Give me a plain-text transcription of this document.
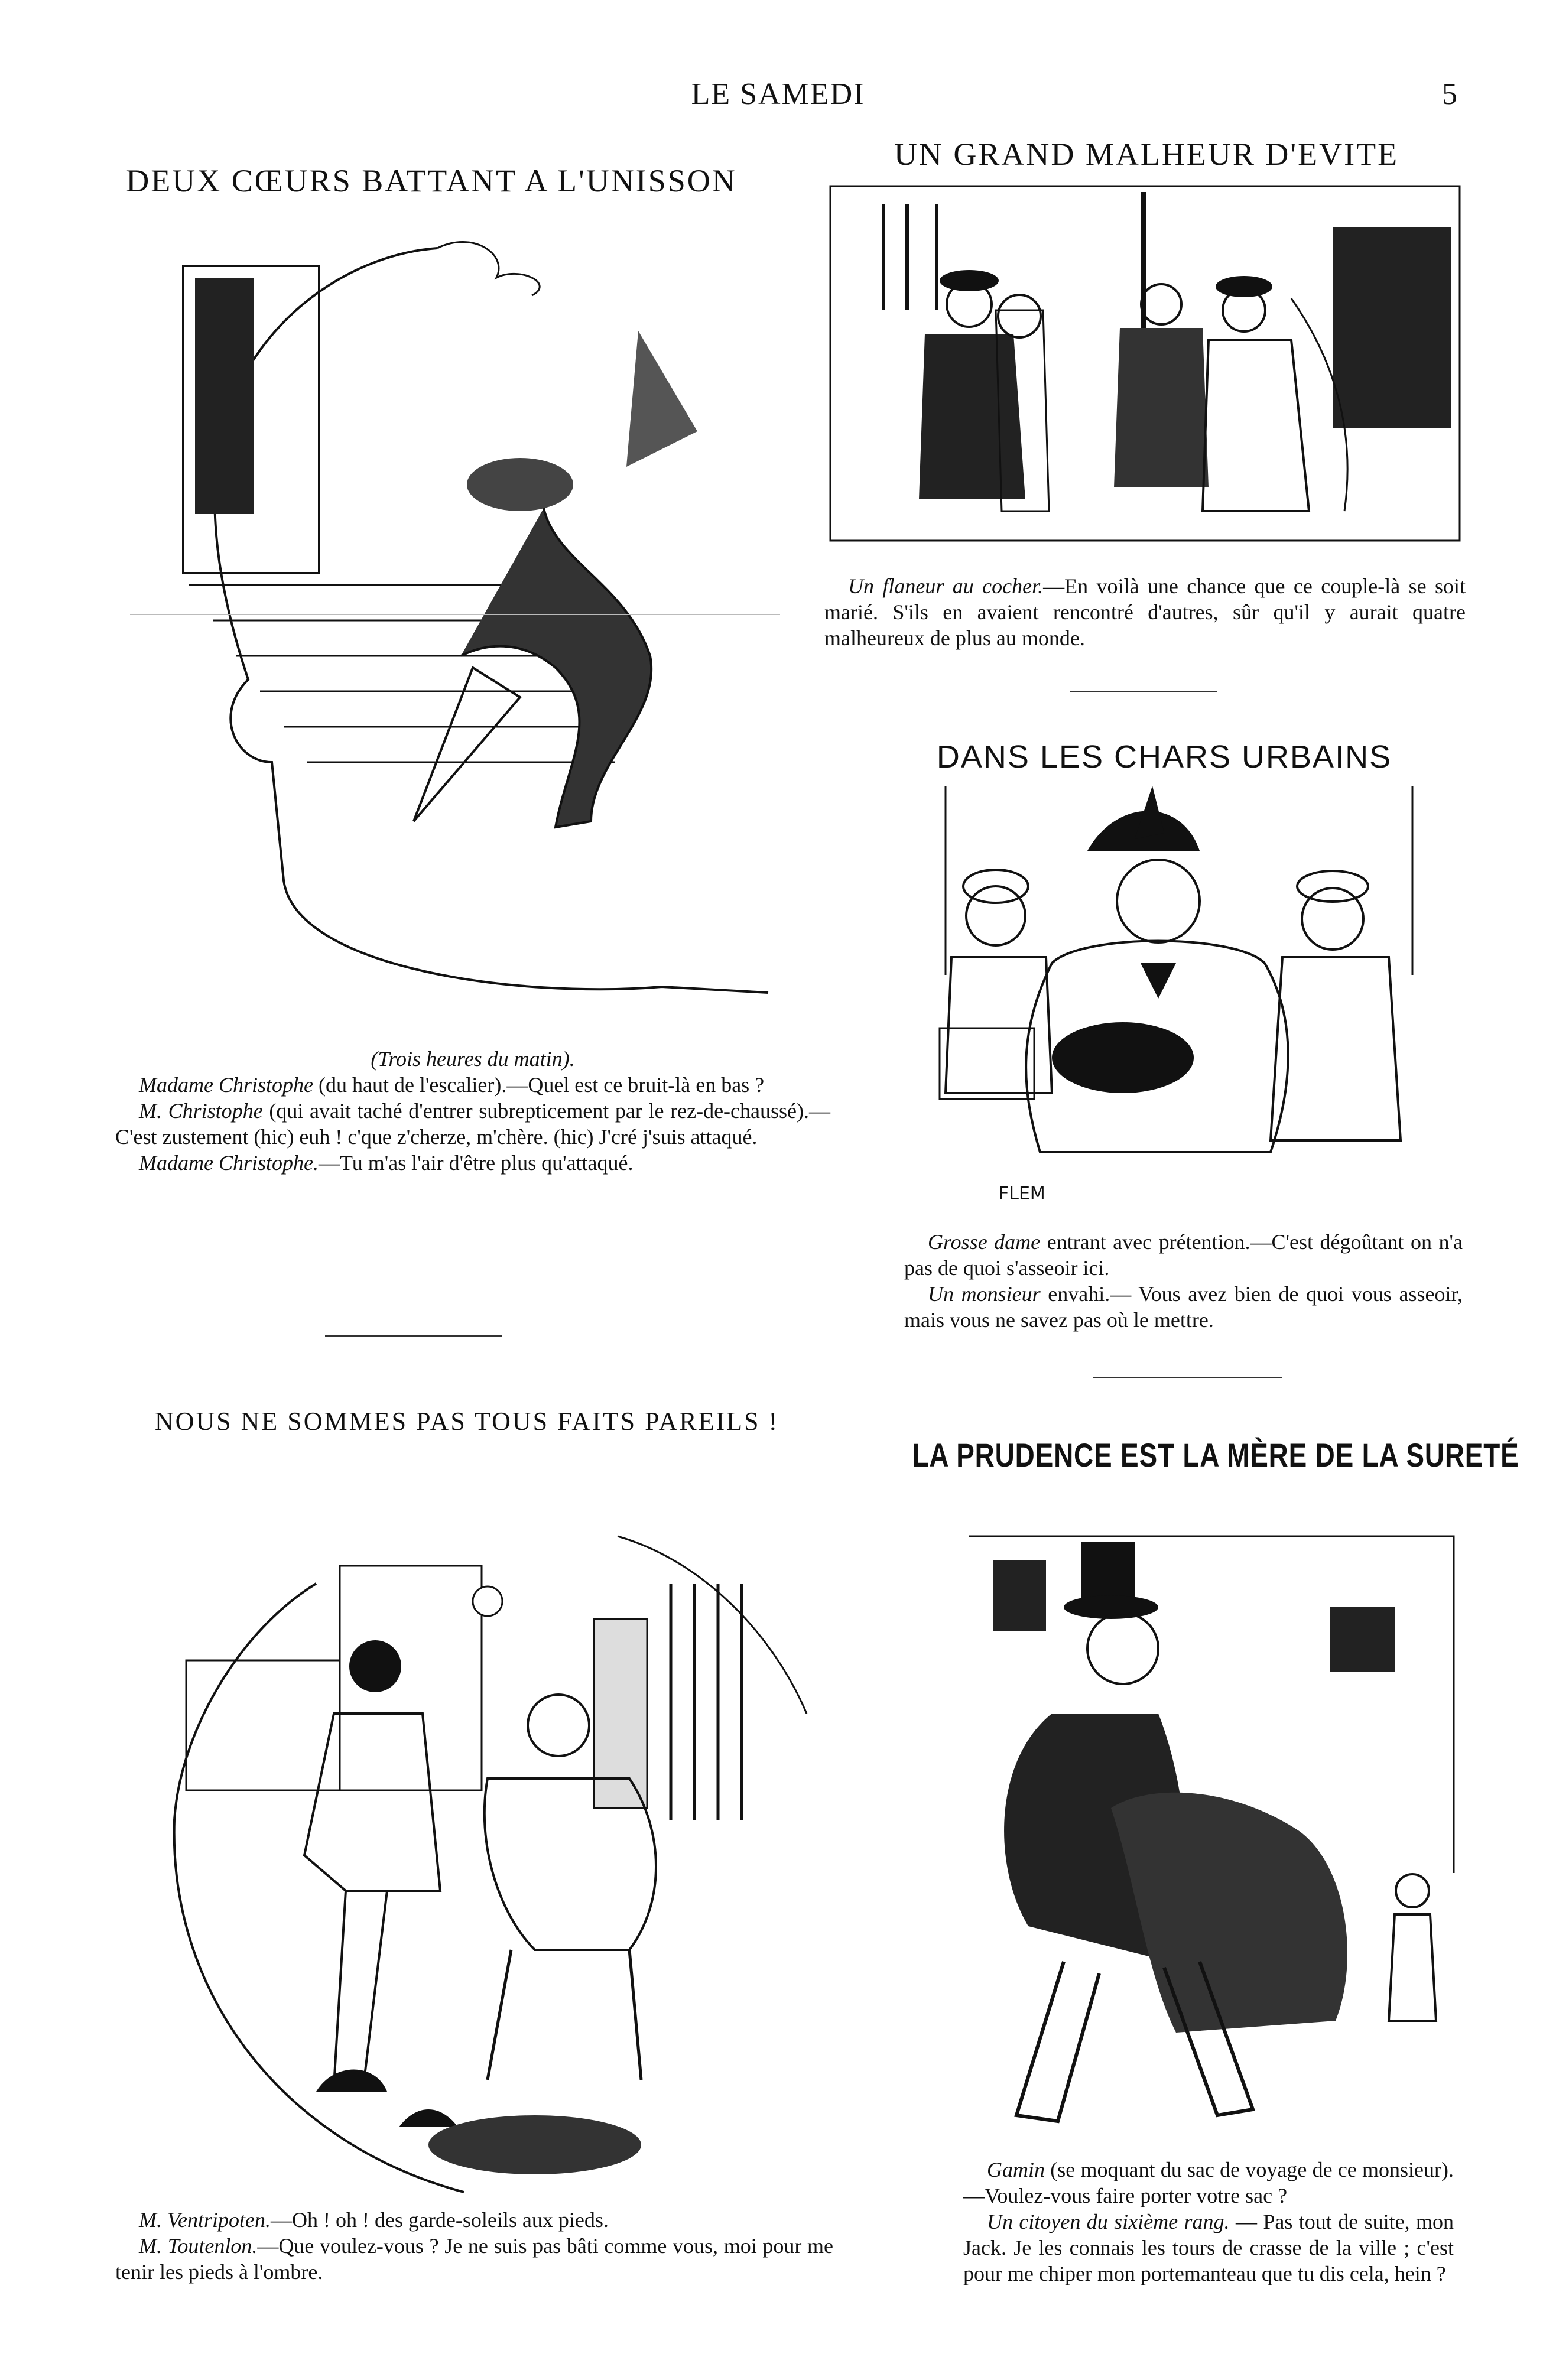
LE SAMEDI	5
DEUX CŒURS BATTANT A L'UNISSON

(Trois heures du matin).

Madame Christophe (du haut de l'escalier).—Quel est ce bruit-là en bas ?

M. Christophe (qui avait taché d'entrer subrepticement par le rez-de-chaussé).—C'est zustement (hic) euh ! c'que z'cherze, m'chère. (hic) J'cré j'suis attaqué.

Madame Christophe.—Tu m'as l'air d'être plus qu'attaqué.

UN GRAND MALHEUR D'EVITE

Un flaneur au cocher.—En voilà une chance que ce couple-là se soit marié. S'ils en avaient rencontré d'autres, sûr qu'il y aurait quatre malheureux de plus au monde.

DANS LES CHARS URBAINS
FLEM

Grosse dame entrant avec prétention.—C'est dégoûtant on n'a pas de quoi s'asseoir ici.

Un monsieur envahi.— Vous avez bien de quoi vous asseoir, mais vous ne savez pas où le mettre.

NOUS NE SOMMES PAS TOUS FAITS PAREILS !

M. Ventripoten.—Oh ! oh ! des garde-soleils aux pieds.

M. Toutenlon.—Que voulez-vous ? Je ne suis pas bâti comme vous, moi pour me tenir les pieds à l'ombre.

LA PRUDENCE EST LA MÈRE DE LA SURETÉ

Gamin (se moquant du sac de voyage de ce monsieur).—Voulez-vous faire porter votre sac ?

Un citoyen du sixième rang. — Pas tout de suite, mon Jack. Je les connais les tours de crasse de la ville ; c'est pour me chiper mon portemanteau que tu dis cela, hein ?
